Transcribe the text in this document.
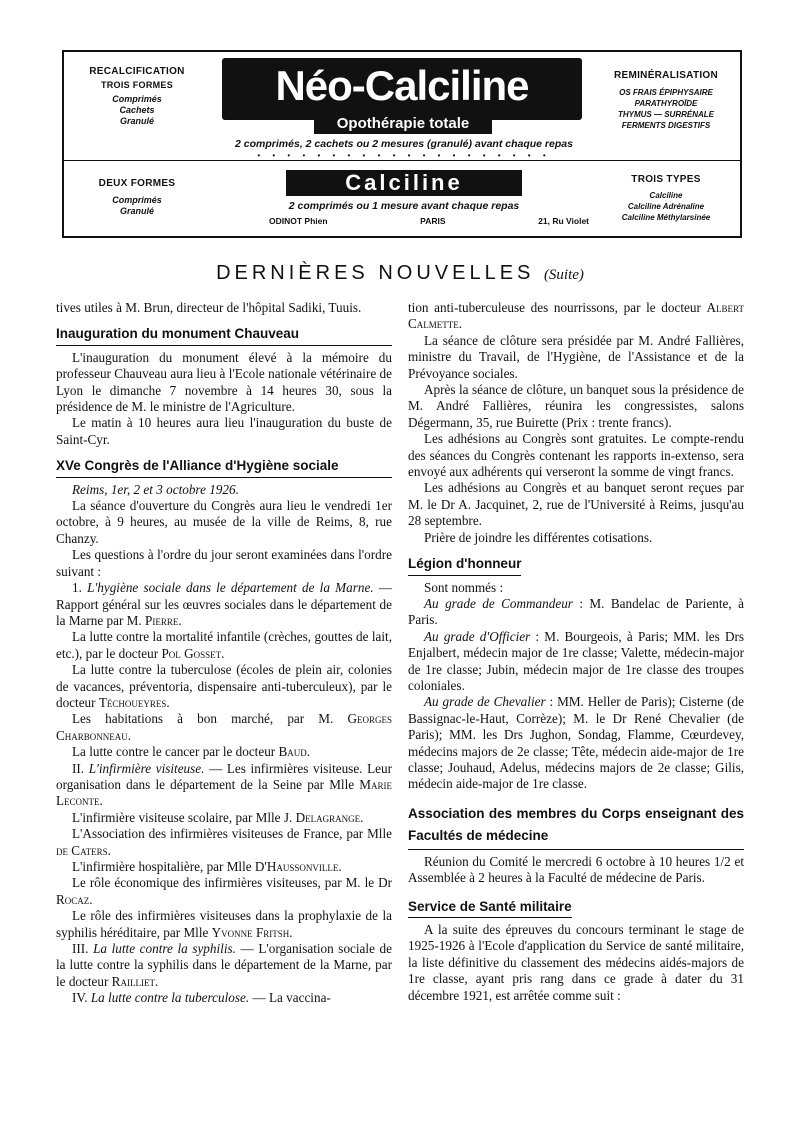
RECALCIFICATION
TROIS FORMES
Comprimés
Cachets
Granulé
DEUX FORMES
Comprimés
Granulé
REMINÉRALISATION
OS FRAIS ÉPIPHYSAIRE
PARATHYROÏDE
THYMUS — SURRÉNALE
FERMENTS DIGESTIFS
TROIS TYPES
Calciline
Calciline Adrénaline
Calciline Méthylarsinée
Néo-Calciline
Opothérapie totale
2 comprimés, 2 cachets ou 2 mesures (granulé) avant chaque repas
• • • • • • • • • • • • • • • • • • • •
Calciline
2 comprimés ou 1 mesure avant chaque repas
ODINOT Phien	PARIS	21, Ru Violet
DERNIÈRES NOUVELLES (Suite)

tives utiles à M. Brun, directeur de l'hôpital Sadiki, Tuuis.

Inauguration du monument Chauveau

L'inauguration du monument élevé à la mémoire du professeur Chauveau aura lieu à l'Ecole nationale vétérinaire de Lyon le dimanche 7 novembre à 14 heures 30, sous la présidence de M. le ministre de l'Agriculture.

Le matin à 10 heures aura lieu l'inauguration du buste de Saint-Cyr.

XVe Congrès de l'Alliance d'Hygiène sociale

Reims, 1er, 2 et 3 octobre 1926.

La séance d'ouverture du Congrès aura lieu le vendredi 1er octobre, à 9 heures, au musée de la ville de Reims, 8, rue Chanzy.

Les questions à l'ordre du jour seront examinées dans l'ordre suivant :

1. L'hygiène sociale dans le département de la Marne. — Rapport général sur les œuvres sociales dans le département de la Marne par M. Pierre.

La lutte contre la mortalité infantile (crèches, gouttes de lait, etc.), par le docteur Pol Gosset.

La lutte contre la tuberculose (écoles de plein air, colonies de vacances, préventoria, dispensaire anti-tuberculeux), par le docteur Téchoueyres.

Les habitations à bon marché, par M. Georges Charbonneau.

La lutte contre le cancer par le docteur Baud.

II. L'infirmière visiteuse. — Les infirmières visiteuse. Leur organisation dans le département de la Seine par Mlle Marie Leconte.

L'infirmière visiteuse scolaire, par Mlle J. Delagrange.

L'Association des infirmières visiteuses de France, par Mlle de Caters.

L'infirmière hospitalière, par Mlle D'Haussonville.

Le rôle économique des infirmières visiteuses, par M. le Dr Rocaz.

Le rôle des infirmières visiteuses dans la prophylaxie de la syphilis héréditaire, par Mlle Yvonne Fritsh.

III. La lutte contre la syphilis. — L'organisation sociale de la lutte contre la syphilis dans le département de la Marne, par le docteur Railliet.

IV. La lutte contre la tuberculose. — La vaccina-

tion anti-tuberculeuse des nourrissons, par le docteur Albert Calmette.

La séance de clôture sera présidée par M. André Fallières, ministre du Travail, de l'Hygiène, de l'Assistance et de la Prévoyance sociales.

Après la séance de clôture, un banquet sous la présidence de M. André Fallières, réunira les congressistes, salons Dégermann, 35, rue Buirette (Prix : trente francs).

Les adhésions au Congrès sont gratuites. Le compte-rendu des séances du Congrès contenant les rapports in-extenso, sera envoyé aux adhérents qui verseront la somme de vingt francs.

Les adhésions au Congrès et au banquet seront reçues par M. le Dr A. Jacquinet, 2, rue de l'Université à Reims, jusqu'au 28 septembre.

Prière de joindre les différentes cotisations.

Légion d'honneur

Sont nommés :

Au grade de Commandeur : M. Bandelac de Pariente, à Paris.

Au grade d'Officier : M. Bourgeois, à Paris; MM. les Drs Enjalbert, médecin major de 1re classe; Valette, médecin-major de 1re classe; Jubin, médecin major de 1re classe des troupes coloniales.

Au grade de Chevalier : MM. Heller de Paris); Cisterne (de Bassignac-le-Haut, Corrèze); M. le Dr René Chevalier (de Paris); MM. les Drs Jughon, Sondag, Flamme, Cœurdevey, médecins majors de 2e classe; Tête, médecin aide-major de 1re classe; Jouhaud, Adelus, médecins majors de 2e classe; Gilis, médecin aide-major de 1re classe.

Association des membres du Corps enseignant des Facultés de médecine

Réunion du Comité le mercredi 6 octobre à 10 heures 1/2 et Assemblée à 2 heures à la Faculté de médecine de Paris.

Service de Santé militaire

A la suite des épreuves du concours terminant le stage de 1925-1926 à l'Ecole d'application du Service de santé militaire, la liste définitive du classement des médecins aidés-majors de 1re classe, ayant pris rang dans ce grade à dater du 31 décembre 1921, est arrêtée comme suit :
